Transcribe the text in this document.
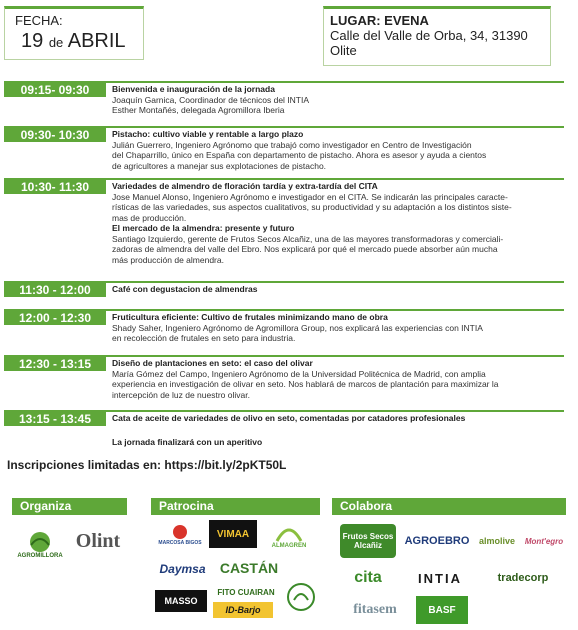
FECHA:
19 de ABRIL
LUGAR: EVENA
Calle del Valle de Orba, 34, 31390
Olite
09:15- 09:30	Bienvenida e inauguración de la jornada

Joaquín Garnica, Coordinador de técnicos del INTIA

Esther Montañés, delegada Agromillora Iberia

09:30- 10:30	Pistacho: cultivo viable y rentable a largo plazo

Julián Guerrero, Ingeniero Agrónomo que trabajó como investigador en Centro de Investigación

del Chaparrillo, único en España con departamento de pistacho. Ahora es asesor y ayuda a cientos

de agricultores a manejar sus explotaciones de pistacho.

10:30- 11:30	Variedades de almendro de floración tardía y extra-tardía del CITA

Jose Manuel Alonso, Ingeniero Agrónomo e investigador en el CITA. Se indicarán las principales caracte-

rísticas de las variedades, sus aspectos cualitativos, su productividad y su adaptación a los distintos siste-

mas de producción.

El mercado de la almendra: presente y futuro

Santiago Izquierdo, gerente de Frutos Secos Alcañiz, una de las mayores transformadoras y comerciali-

zadoras de almendra del valle del Ebro. Nos explicará por qué el mercado puede absorber aún mucha

más producción de almendra.

11:30 - 12:00	Café con degustacion de almendras

12:00 - 12:30	Fruticultura eficiente: Cultivo de frutales minimizando mano de obra

Shady Saher, Ingeniero Agrónomo de Agromillora Group, nos explicará las experiencias con INTIA

en recolección de frutales en seto para industria.

12:30 - 13:15	Diseño de plantaciones en seto: el caso del olivar

María Gómez del Campo, Ingeniero Agrónomo de la Universidad Politécnica de Madrid, con amplia

experiencia en investigación de olivar en seto. Nos hablará de marcos de plantación para maximizar la

intercepción de luz de nuestro olivar.

13:15 - 13:45	Cata de aceite de variedades de olivo en seto, comentadas por catadores profesionales

La jornada finalizará con un aperitivo
Inscripciones limitadas en: https://bit.ly/2pKT50L
Organiza	Patrocina	Colabora
AGROMILLORA
Olint	MARCOSA BIGOS
VIMAA
ALMAGREN
Daymsa	CASTÁN
MASSO
FITO CUAIRAN
ID-Barjo
Frutos Secos Alcañiz	AGROEBRO	almolive	Mont'egro
cita	INTIA	tradecorp
fitasem	BASF
